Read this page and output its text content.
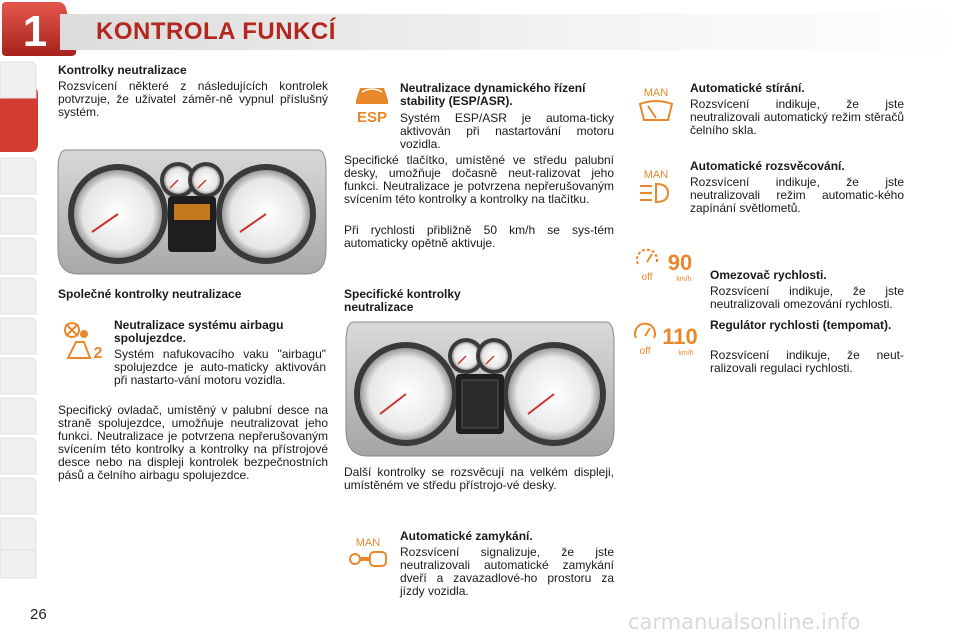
1 KONTROLA FUNKCÍ
Kontrolky neutralizace
Rozsvícení některé z následujících kontrolek potvrzuje, že uživatel záměr-ně vypnul příslušný systém.
Společné kontrolky neutralizace
2
Neutralizace systému airbagu spolujezdce.
Systém nafukovacího vaku "airbagu" spolujezdce je auto-maticky aktivován při nastarto-vání motoru vozidla.
Specifický ovladač, umístěný v palubní desce na straně spolujezdce, umožňuje neutralizovat jeho funkci. Neutralizace je potvrzena nepřerušovaným svícením této kontrolky a kontrolky na přístrojové desce nebo na displeji kontrolek bezpečnostních pásů a čelního airbagu spolujezdce.
ESP
Neutralizace dynamického řízení stability (ESP/ASR).
Systém ESP/ASR je automa-ticky aktivován při nastartování motoru vozidla.
Specifické tlačítko, umístěné ve středu palubní desky, umožňuje dočasně neut-ralizovat jeho funkci. Neutralizace je potvrzena nepřerušovaným svícením této kontrolky a kontrolky na tlačítku.
Při rychlosti přibližně 50 km/h se sys-tém automaticky opětně aktivuje.
Specifické kontrolky neutralizace
Další kontrolky se rozsvěcují na velkém displeji, umístěném ve středu přístrojo-vé desky.
MAN Automatické zamykání.
Rozsvícení signalizuje, že jste neutralizovali automatické zamykání dveří a zavazadlové-ho prostoru za jízdy vozidla.
MAN Automatické stírání.
Rozsvícení indikuje, že jste neutralizovali automatický režim stěračů čelního skla.
MAN
Automatické rozsvěcování.
Rozsvícení indikuje, že jste neutralizovali režim automatic-kého zapínání světlometů.
off
90
km/h Omezovač rychlosti.
Rozsvícení indikuje, že jste neutralizovali omezování rychlosti.
off
110
km/h
Regulátor rychlosti (tempomat).
Rozsvícení indikuje, že neut-ralizovali regulaci rychlosti.
26	carmanualsonline.info
